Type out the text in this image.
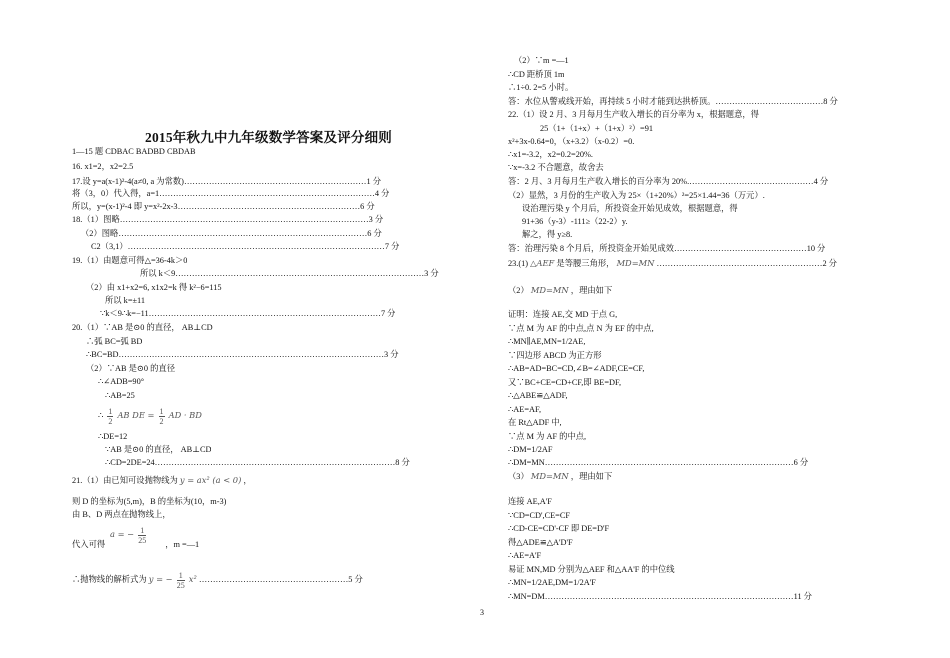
2015年秋九中九年级数学答案及评分细则
1—15 题 CDBAC BADBD CBDAB
16. x1=2，x2=2.5
17.设 y=a(x-1)²-4(a≠0, a 为常数)…………………………………………………………1 分
将（3，0）代入得，a=1……………………………………………………………………4 分
所以，y=(x-1)²-4 即 y=x²-2x-3…………………………………………………………6 分
18.（1）图略………………………………………………………………………………3 分
（2）图略………………………………………………………………………………6 分
C2（3,1）…………………………………………………………………………………7 分
19.（1）由题意可得△=36-4k＞0
所以 k＜9………………………………………………………………………………3 分
（2）由 x1+x2=6, x1x2=k 得 k²−6=115
所以 k=±11
∵k＜9∴k=−11…………………………………………………………………………7 分
20.（1）∵AB 是⊙0 的直径， AB⊥CD
∴弧 BC=弧 BD
∴BC=BD……………………………………………………………………………………3 分
（2）∵AB 是⊙0 的直径
∴∠ADB=90°
∴AB=25
∴ $\frac{1}{2}$ AB DE = $\frac{1}{2}$ AD · BD
∴DE=12
∵AB 是⊙0 的直径， AB⊥CD
∴CD=2DE=24……………………………………………………………………………8 分
21.（1）由已知可设抛物线为 y = ax² (a < 0) ，
则 D 的坐标为(5,m)，B 的坐标为(10，m-3)
由 B、D 两点在抛物线上，
a = − $\frac{1}{25}$
代入可得	，m =—1
∴抛物线的解析式为 y = − $\frac{1}{25} x^2$ ………………………………………………5 分
（2）∵m =—1
∴CD 距桥顶 1m
∴1÷0. 2=5 小时。
答：水位从警戒线开始，再持续 5 小时才能到达拱桥顶。…………………………………8 分
22.（1）设 2 月、3 月每月生产收入增长的百分率为 x，根据题意，得
25（1+（1+x）+（1+x）²）=91
x²+3x-0.64=0，（x+3.2）（x-0.2）=0.
∴x1=-3.2，x2=0.2=20%.
∵x=-3.2 不合题意，故舍去
答：2 月、3 月每月生产收入增长的百分率为 20%.………………………………………4 分
（2）显然，3 月份的生产收入为 25×（1+20%）²=25×1.44=36（万元）.
设治理污染 y 个月后，所投资金开始见成效，根据题意，得
91+36（y-3）-111≥（22-2）y.
解之，得 y≥8.
答：治理污染 8 个月后，所投资金开始见成效…………………………………………10 分
23.(1) △AEF 是等腰三角形， MD=MN ……………………………………………………2 分
（2） MD=MN ，理由如下
证明：连接 AE,交 MD 于点 G,
∵点 M 为 AF 的中点,点 N 为 EF 的中点,
∴MN∥AE,MN=1/2AE,
∵四边形 ABCD 为正方形
∴AB=AD=BC=CD,∠B=∠ADF,CE=CF,
又∵BC+CE=CD+CF,即 BE=DF,
∴△ABE≌△ADF,
∴AE=AF,
在 Rt△ADF 中,
∵点 M 为 AF 的中点,
∴DM=1/2AF
∴DM=MN………………………………………………………………………………6 分
（3） MD=MN ，理由如下
连接 AE,A'F
∵CD=CD',CE=CF
∴CD-CE=CD'-CF 即 DE=D'F
得△ADE≌△A'D'F
∴AE=A'F
易证 MN,MD 分别为△AEF 和△AA'F 的中位线
∴MN=1/2AE,DM=1/2A'F
∴MN=DM………………………………………………………………………………11 分
3
